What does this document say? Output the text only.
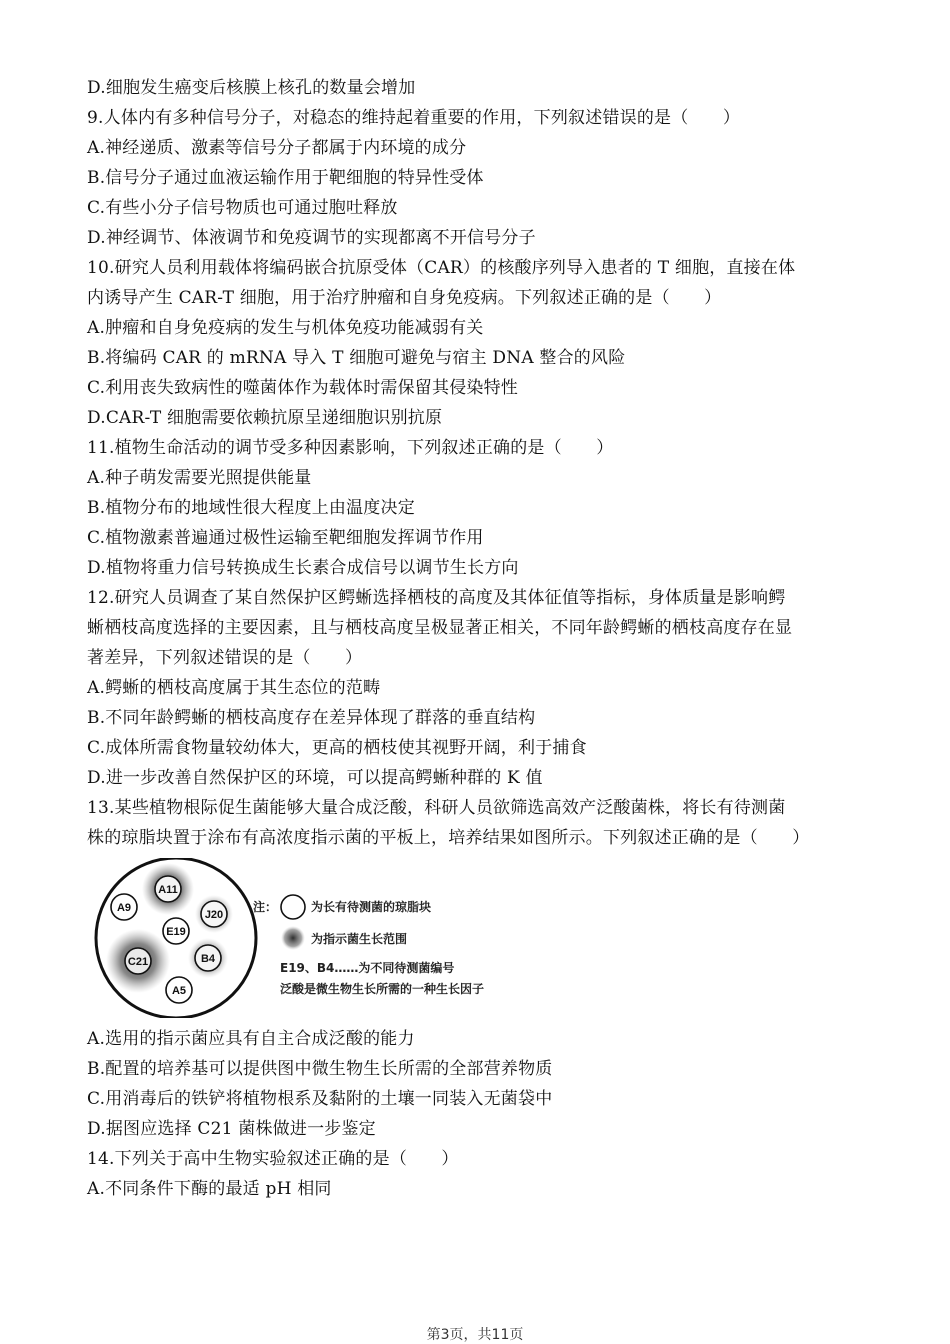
D.细胞发生癌变后核膜上核孔的数量会增加
9.人体内有多种信号分子，对稳态的维持起着重要的作用，下列叙述错误的是（　　）
A.神经递质、激素等信号分子都属于内环境的成分
B.信号分子通过血液运输作用于靶细胞的特异性受体
C.有些小分子信号物质也可通过胞吐释放
D.神经调节、体液调节和免疫调节的实现都离不开信号分子
10.研究人员利用载体将编码嵌合抗原受体（CAR）的核酸序列导入患者的 T 细胞，直接在体
内诱导产生 CAR-T 细胞，用于治疗肿瘤和自身免疫病。下列叙述正确的是（　　）
A.肿瘤和自身免疫病的发生与机体免疫功能减弱有关
B.将编码 CAR 的 mRNA 导入 T 细胞可避免与宿主 DNA 整合的风险
C.利用丧失致病性的噬菌体作为载体时需保留其侵染特性
D.CAR-T 细胞需要依赖抗原呈递细胞识别抗原
11.植物生命活动的调节受多种因素影响，下列叙述正确的是（　　）
A.种子萌发需要光照提供能量
B.植物分布的地域性很大程度上由温度决定
C.植物激素普遍通过极性运输至靶细胞发挥调节作用
D.植物将重力信号转换成生长素合成信号以调节生长方向
12.研究人员调查了某自然保护区鳄蜥选择栖枝的高度及其体征值等指标，身体质量是影响鳄
蜥栖枝高度选择的主要因素，且与栖枝高度呈极显著正相关，不同年龄鳄蜥的栖枝高度存在显
著差异，下列叙述错误的是（　　）
A.鳄蜥的栖枝高度属于其生态位的范畴
B.不同年龄鳄蜥的栖枝高度存在差异体现了群落的垂直结构
C.成体所需食物量较幼体大，更高的栖枝使其视野开阔，利于捕食
D.进一步改善自然保护区的环境，可以提高鳄蜥种群的 K 值
13.某些植物根际促生菌能够大量合成泛酸，科研人员欲筛选高效产泛酸菌株，将长有待测菌
株的琼脂块置于涂布有高浓度指示菌的平板上，培养结果如图所示。下列叙述正确的是（　　）
A11
A9
J20
E19
C21	B4
A5
注：	为长有待测菌的琼脂块
为指示菌生长范围
E19、B4……为不同待测菌编号
泛酸是微生物生长所需的一种生长因子
A.选用的指示菌应具有自主合成泛酸的能力
B.配置的培养基可以提供图中微生物生长所需的全部营养物质
C.用消毒后的铁铲将植物根系及黏附的土壤一同装入无菌袋中
D.据图应选择 C21 菌株做进一步鉴定
14.下列关于高中生物实验叙述正确的是（　　）
A.不同条件下酶的最适 pH 相同
第3页，共11页
